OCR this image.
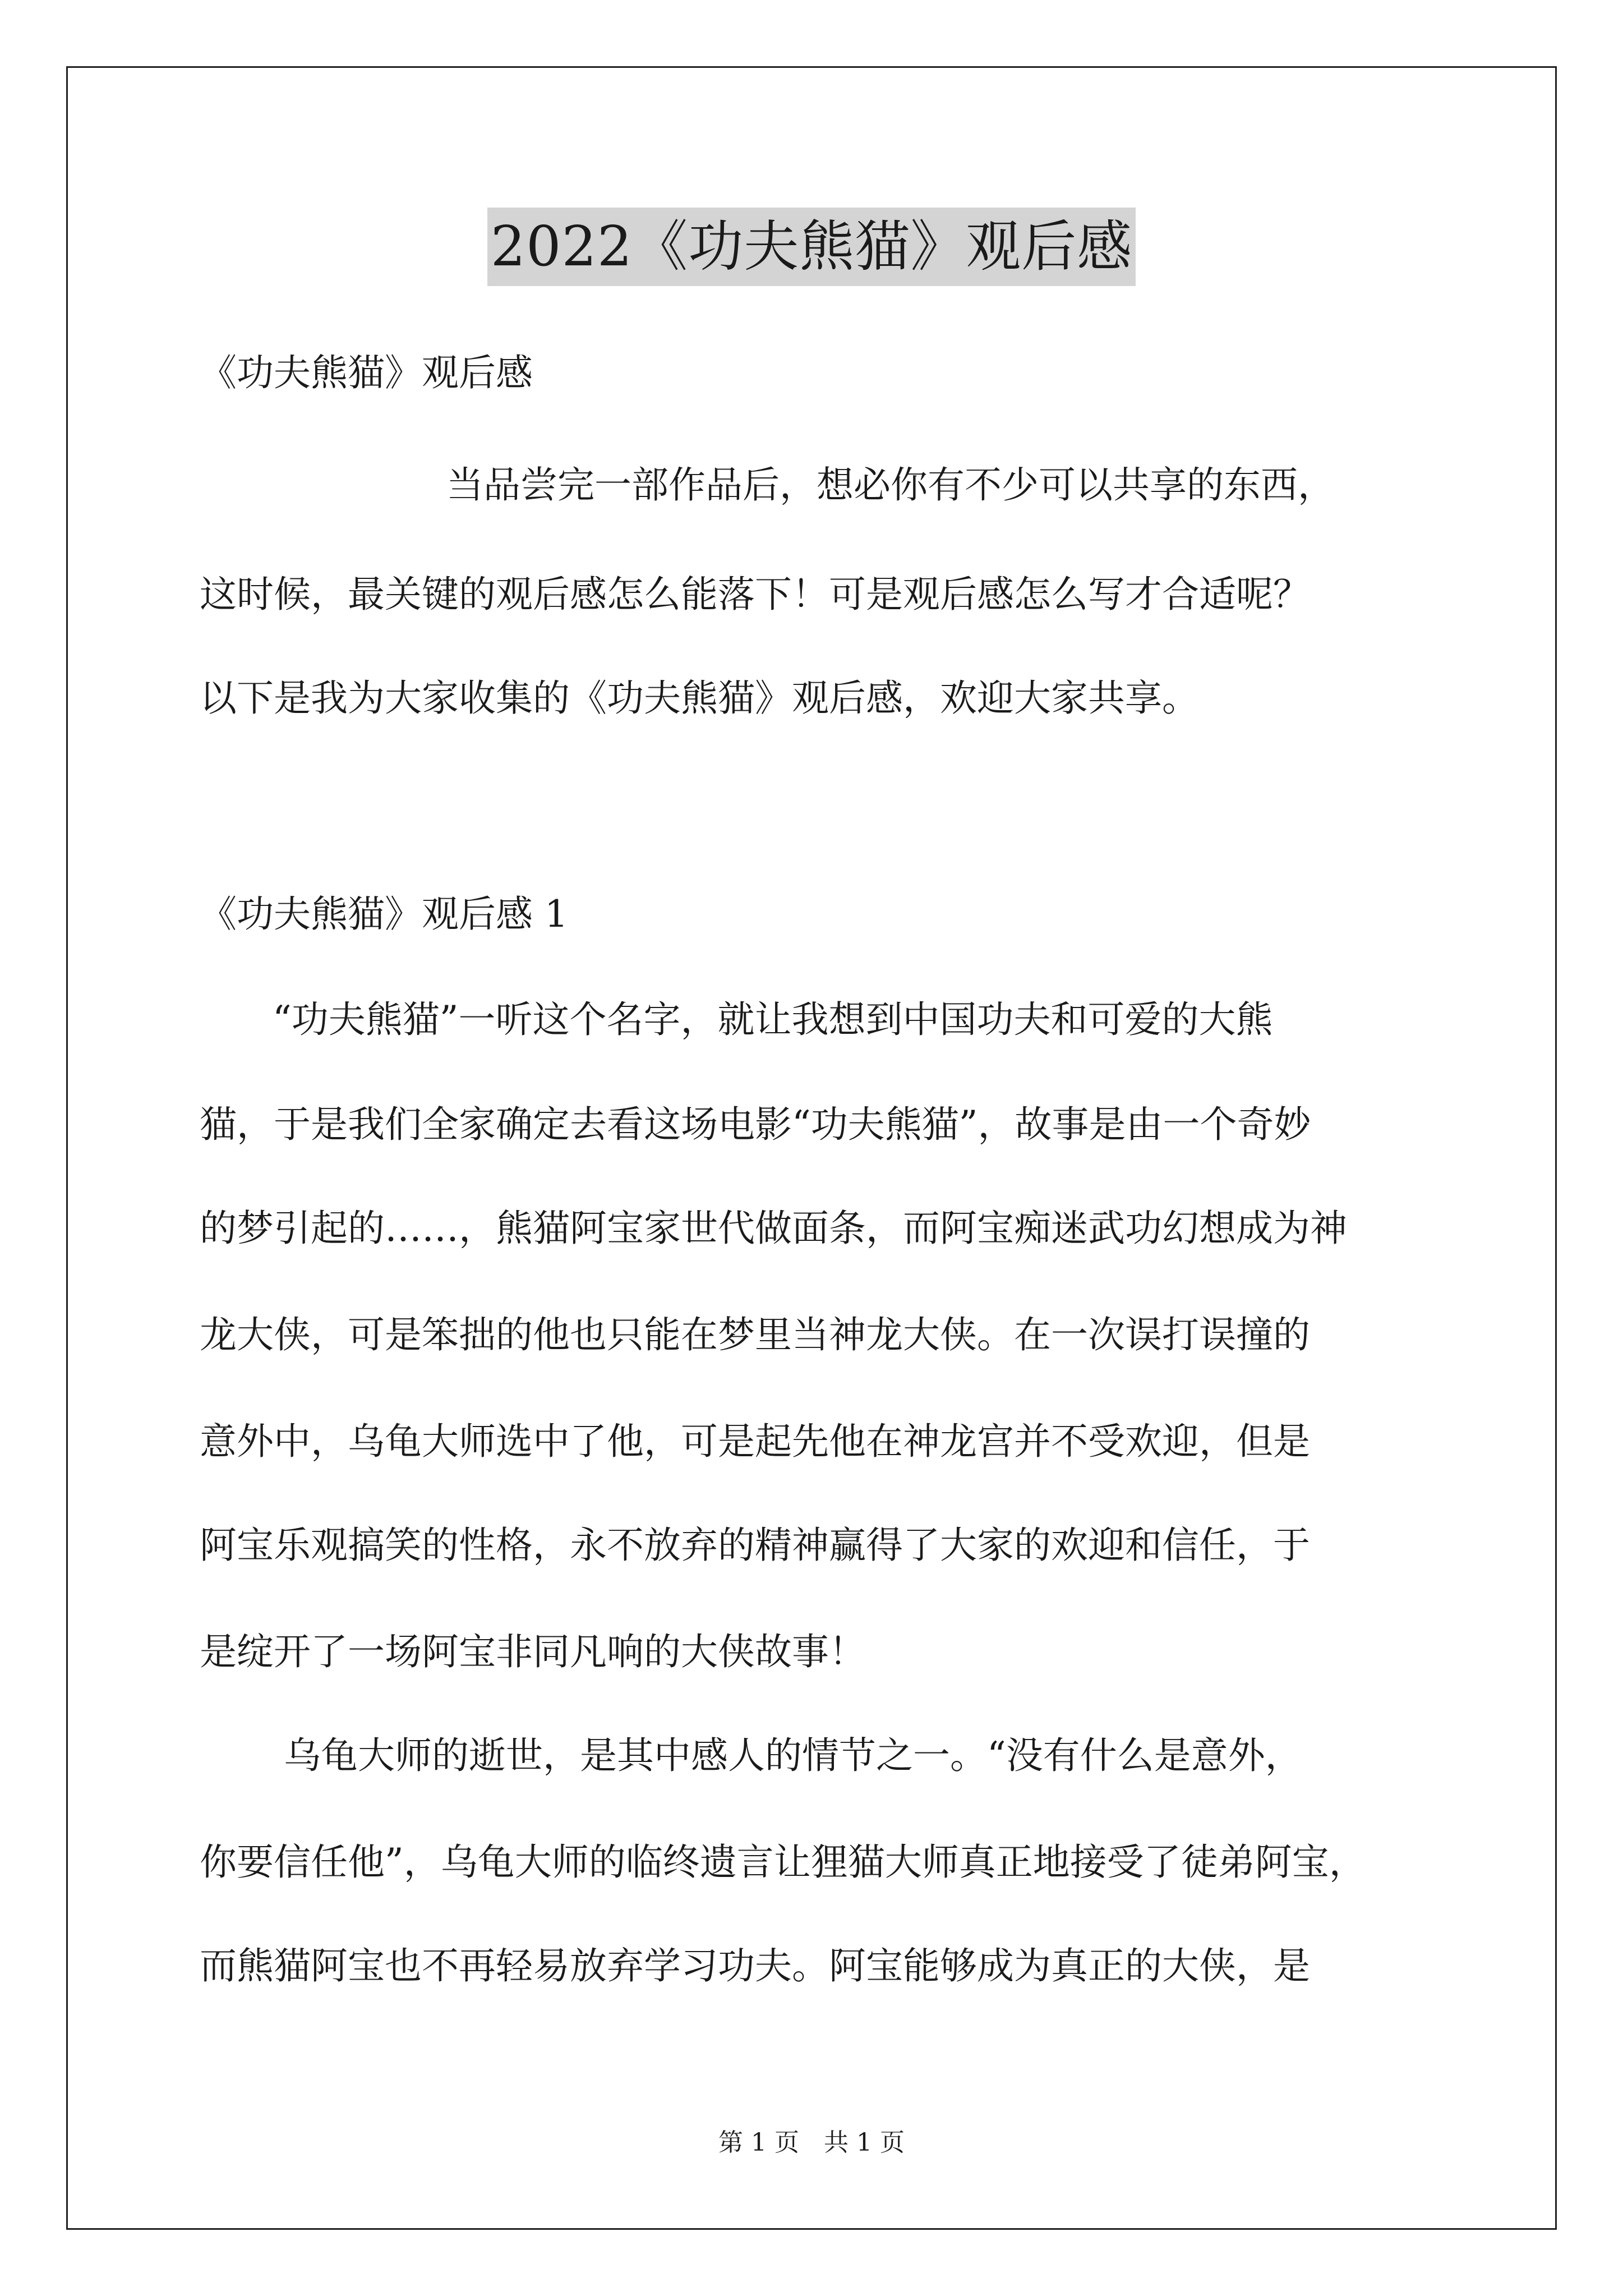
2022《功夫熊猫》观后感
《功夫熊猫》观后感
当品尝完一部作品后，想必你有不少可以共享的东西，
这时候，最关键的观后感怎么能落下！可是观后感怎么写才合适呢？
以下是我为大家收集的《功夫熊猫》观后感，欢迎大家共享。
《功夫熊猫》观后感 1
“功夫熊猫”一听这个名字，就让我想到中国功夫和可爱的大熊
猫，于是我们全家确定去看这场电影“功夫熊猫”，故事是由一个奇妙
的梦引起的……，熊猫阿宝家世代做面条，而阿宝痴迷武功幻想成为神
龙大侠，可是笨拙的他也只能在梦里当神龙大侠。在一次误打误撞的
意外中，乌龟大师选中了他，可是起先他在神龙宫并不受欢迎，但是
阿宝乐观搞笑的性格，永不放弃的精神赢得了大家的欢迎和信任，于
是绽开了一场阿宝非同凡响的大侠故事！
乌龟大师的逝世，是其中感人的情节之一。“没有什么是意外，
你要信任他”，乌龟大师的临终遗言让狸猫大师真正地接受了徒弟阿宝，
而熊猫阿宝也不再轻易放弃学习功夫。阿宝能够成为真正的大侠，是
第 1 页　共 1 页
